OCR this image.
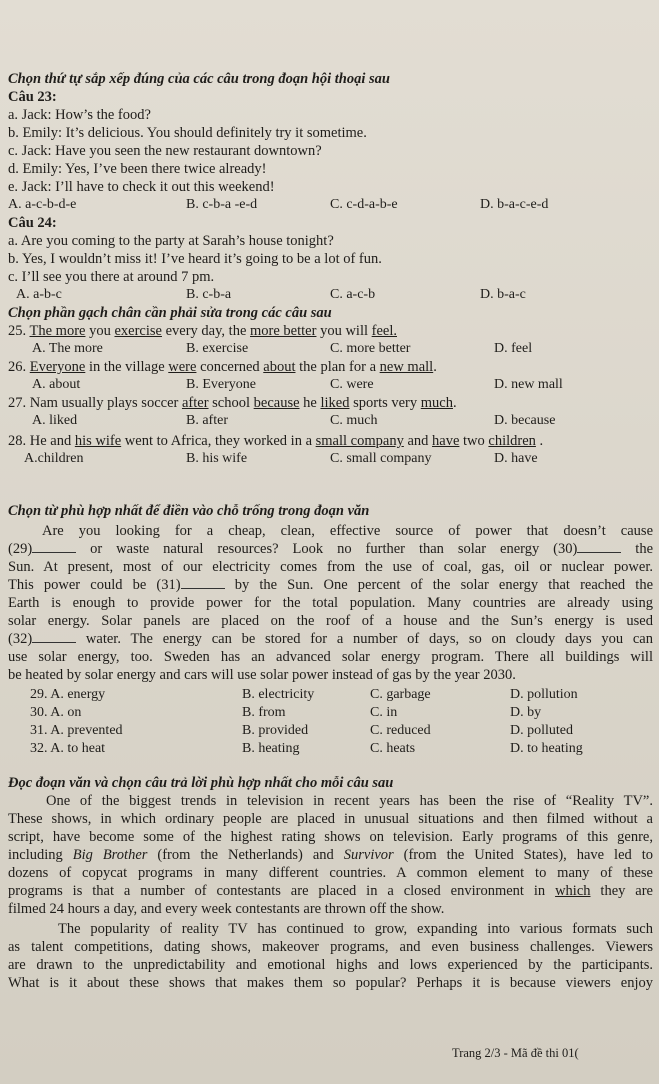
Chọn thứ tự sắp xếp đúng của các câu trong đoạn hội thoại sau
Câu 23:
a. Jack: How’s the food?
b. Emily: It’s delicious. You should definitely try it sometime.
c. Jack: Have you seen the new restaurant downtown?
d. Emily: Yes, I’ve been there twice already!
e. Jack: I’ll have to check it out this weekend!
A. a-c-b-d-e	B. c-b-a -e-d	C. c-d-a-b-e	D. b-a-c-e-d
Câu 24:
a. Are you coming to the party at Sarah’s house tonight?
b. Yes, I wouldn’t miss it! I’ve heard it’s going to be a lot of fun.
c. I’ll see you there at around 7 pm.
A. a-b-c	B. c-b-a	C. a-c-b	D. b-a-c
Chọn phần gạch chân cần phải sửa trong các câu sau
25. The more you exercise every day, the more better you will feel.
A. The more	B. exercise	C. more better	D. feel
26. Everyone in the village were concerned about the plan for a new mall.
A. about	B. Everyone	C. were	D. new mall
27. Nam usually plays soccer after school because he liked sports very much.
A. liked	B. after	C. much	D. because
28. He and his wife went to Africa, they worked in a small company and have two children .
A.children	B. his wife	C. small company	D. have
Chọn từ phù hợp nhất để điền vào chỗ trống trong đoạn văn
Are you looking for a cheap, clean, effective source of power that doesn’t cause
(29)	or waste natural resources? Look no further than solar energy (30)	the
Sun. At present, most of our electricity comes from the use of coal, gas, oil or nuclear power.
This power could be (31)	by the Sun. One percent of the solar energy that reached the
Earth is enough to provide power for the total population. Many countries are already using
solar energy. Solar panels are placed on the roof of a house and the Sun’s energy is used
(32)	water. The energy can be stored for a number of days, so on cloudy days you can
use solar energy, too. Sweden has an advanced solar energy program. There all buildings will
be heated by solar energy and cars will use solar power instead of gas by the year 2030.
29. A. energy	B. electricity	C. garbage	D. pollution
30. A. on	B. from	C. in	D. by
31. A. prevented	B. provided	C. reduced	D. polluted
32. A. to heat	B. heating	C. heats	D. to heating
Đọc đoạn văn và chọn câu trả lời phù hợp nhất cho mỗi câu sau
One of the biggest trends in television in recent years has been the rise of “Reality TV”.
These shows, in which ordinary people are placed in unusual situations and then filmed without a
script, have become some of the highest rating shows on television. Early programs of this genre,
including Big Brother (from the Netherlands) and Survivor (from the United States), have led to
dozens of copycat programs in many different countries. A common element to many of these
programs is that a number of contestants are placed in a closed environment in which they are
filmed 24 hours a day, and every week contestants are thrown off the show.
The popularity of reality TV has continued to grow, expanding into various formats such
as talent competitions, dating shows, makeover programs, and even business challenges. Viewers
are drawn to the unpredictability and emotional highs and lows experienced by the participants.
What is it about these shows that makes them so popular? Perhaps it is because viewers enjoy
Trang 2/3 - Mã đề thi 01(
